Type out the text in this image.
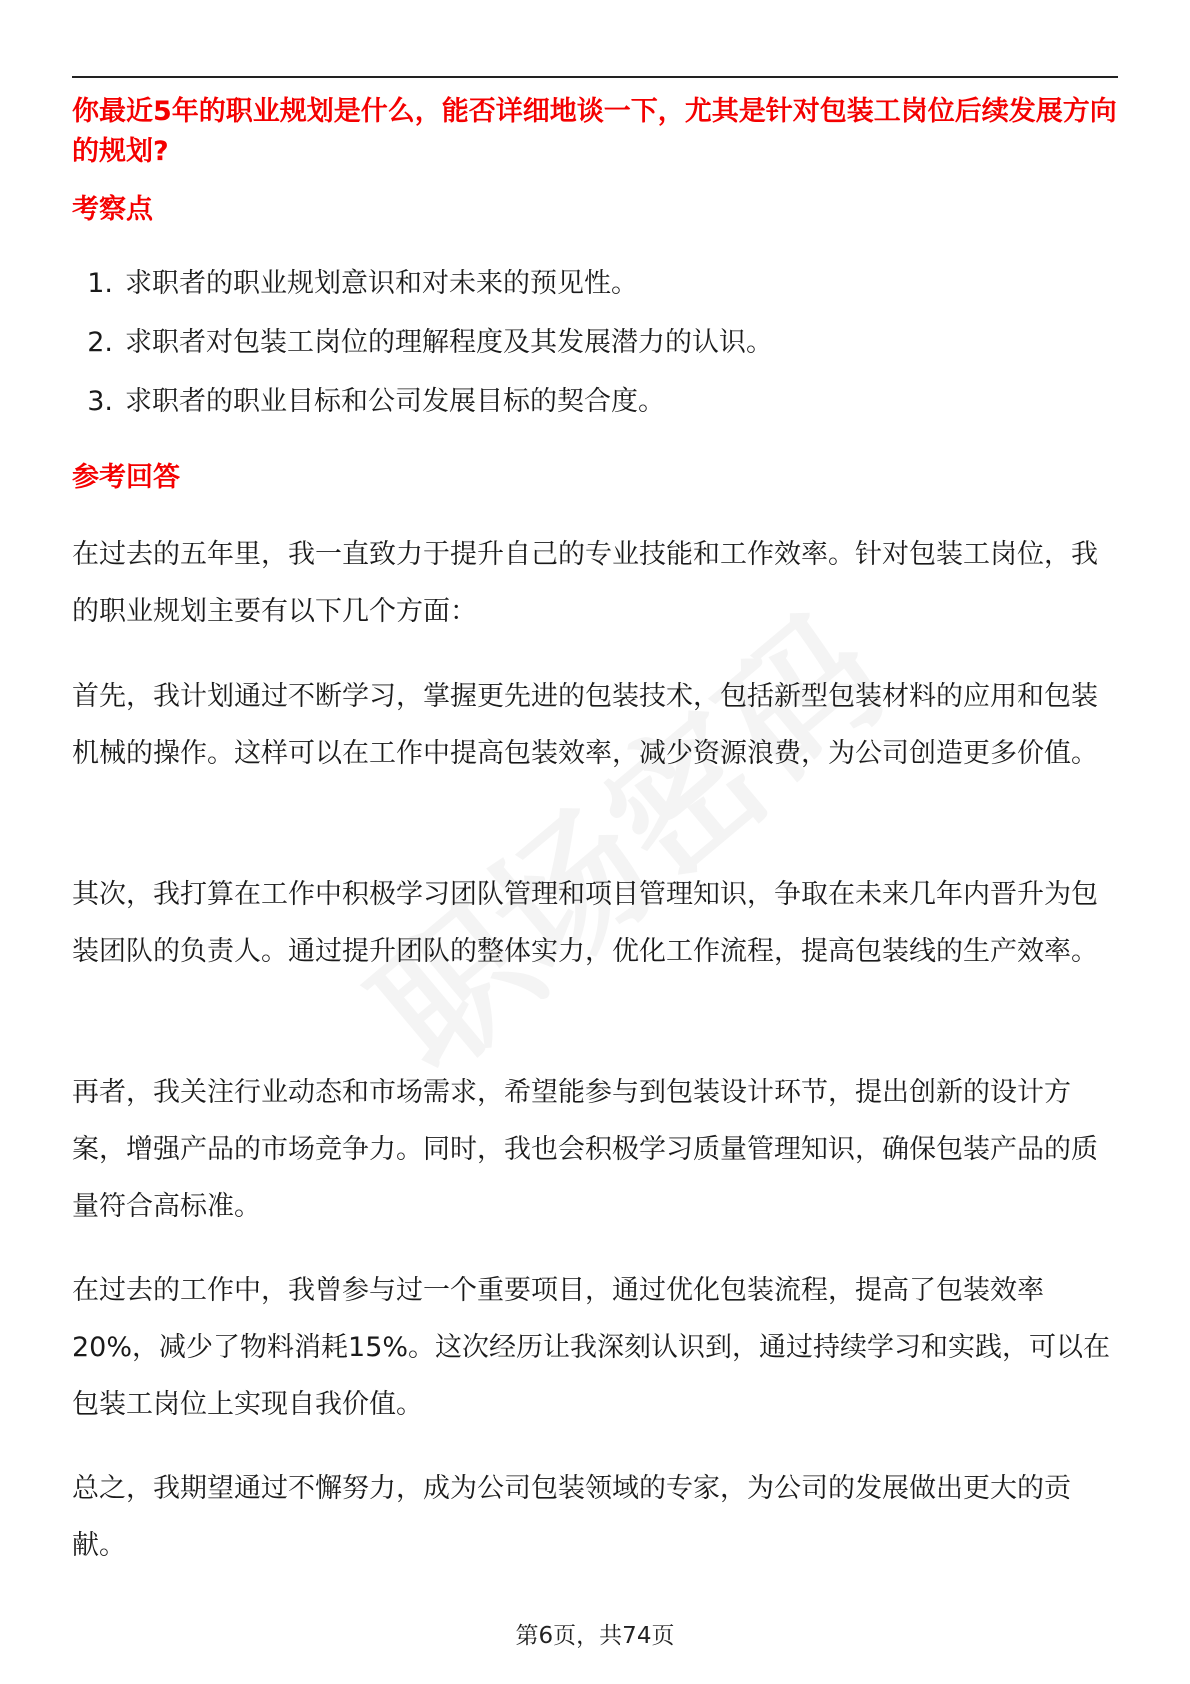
你最近5年的职业规划是什么，能否详细地谈一下，尤其是针对包装工岗位后续发展方向的规划?

考察点

1. 求职者的职业规划意识和对未来的预见性。
2. 求职者对包装工岗位的理解程度及其发展潜力的认识。
3. 求职者的职业目标和公司发展目标的契合度。

参考回答

在过去的五年里，我一直致力于提升自己的专业技能和工作效率。针对包装工岗位，我的职业规划主要有以下几个方面：

首先，我计划通过不断学习，掌握更先进的包装技术，包括新型包装材料的应用和包装机械的操作。这样可以在工作中提高包装效率，减少资源浪费，为公司创造更多价值。

其次，我打算在工作中积极学习团队管理和项目管理知识，争取在未来几年内晋升为包装团队的负责人。通过提升团队的整体实力，优化工作流程，提高包装线的生产效率。

再者，我关注行业动态和市场需求，希望能参与到包装设计环节，提出创新的设计方案，增强产品的市场竞争力。同时，我也会积极学习质量管理知识，确保包装产品的质量符合高标准。

在过去的工作中，我曾参与过一个重要项目，通过优化包装流程，提高了包装效率20%，减少了物料消耗15%。这次经历让我深刻认识到，通过持续学习和实践，可以在包装工岗位上实现自我价值。

总之，我期望通过不懈努力，成为公司包装领域的专家，为公司的发展做出更大的贡献。

第6页，共74页
